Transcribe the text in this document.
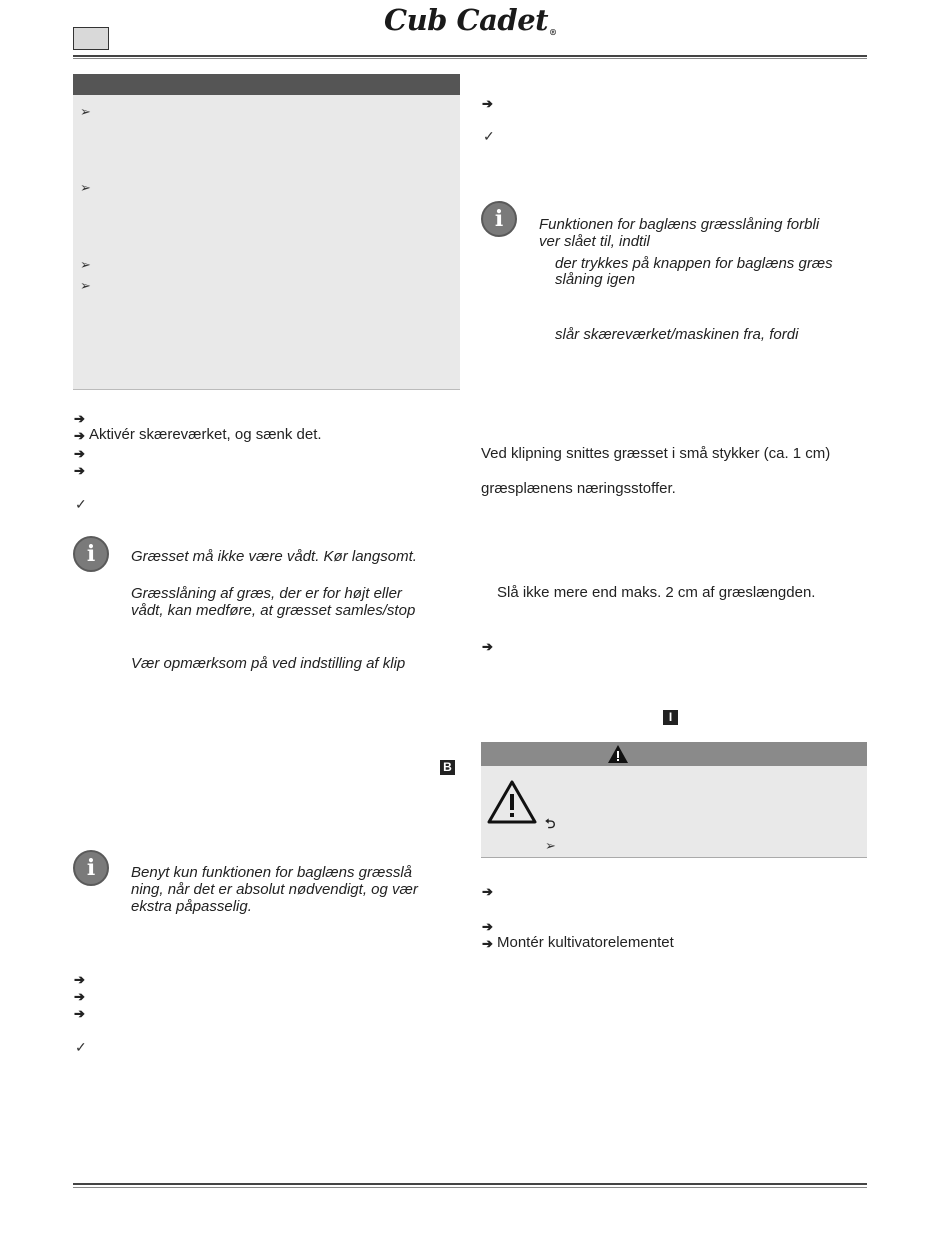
Cub Cadet®
➢
➢
➢
➢
➔
➔ Aktivér skæreværket, og sænk det.
➔
➔
✓
i	Græsset må ikke være vådt. Kør langsomt.
Græsslåning af græs, der er for højt eller
vådt, kan medføre, at græsset samles/stop
Vær opmærksom på ved indstilling af klip
B
i	Benyt kun funktionen for baglæns græsslå
ning, når det er absolut nødvendigt, og vær
ekstra påpasselig.
➔
➔
➔
✓
➔
✓
i	Funktionen for baglæns græsslåning forbli
ver slået til, indtil
der trykkes på knappen for baglæns græs
slåning igen
slår skæreværket/maskinen fra, fordi
Ved klipning snittes græsset i små stykker (ca. 1 cm)
græsplænens næringsstoffer.
Slå ikke mere end maks. 2 cm af græslængden.
➔
I
⮌
➢
➔
➔
➔ Montér kultivatorelementet
